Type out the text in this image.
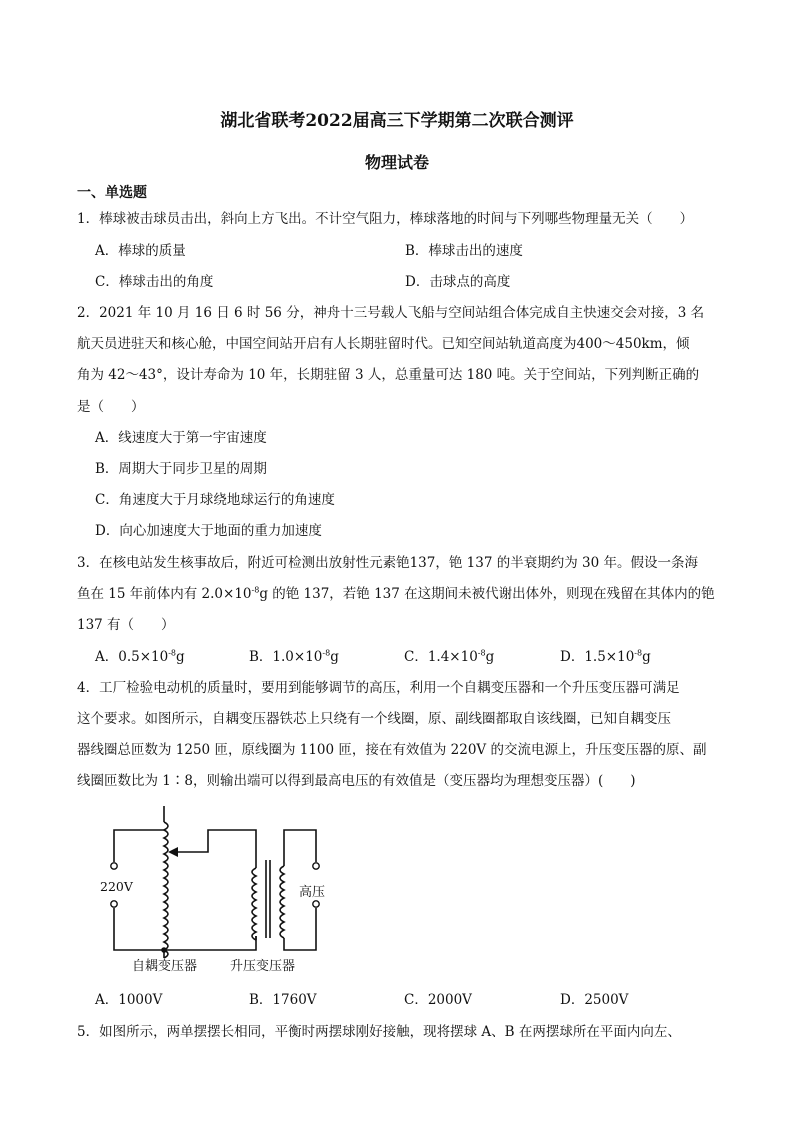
湖北省联考2022届高三下学期第二次联合测评
物理试卷
一、单选题
1．棒球被击球员击出，斜向上方飞出。不计空气阻力，棒球落地的时间与下列哪些物理量无关（　　）
A．棒球的质量	B．棒球击出的速度
C．棒球击出的角度	D．击球点的高度
2．2021 年 10 月 16 日 6 时 56 分，神舟十三号载人飞船与空间站组合体完成自主快速交会对接，3 名
航天员进驻天和核心舱，中国空间站开启有人长期驻留时代。已知空间站轨道高度为400～450km，倾
角为 42～43°，设计寿命为 10 年，长期驻留 3 人，总重量可达 180 吨。关于空间站，下列判断正确的
是（　　）
A．线速度大于第一宇宙速度
B．周期大于同步卫星的周期
C．角速度大于月球绕地球运行的角速度
D．向心加速度大于地面的重力加速度
3．在核电站发生核事故后，附近可检测出放射性元素铯137，铯 137 的半衰期约为 30 年。假设一条海
鱼在 15 年前体内有 $2.0\times 10^{-8}g$ 的铯 137，若铯 137 在这期间未被代谢出体外，则现在残留在其体内的铯
137 有（　　）
A．$0.5\times 10^{-8}g$	B．$1.0\times 10^{-8}g$	C．$1.4\times 10^{-8}g$	D．$1.5\times 10^{-8}g$
4．工厂检验电动机的质量时，要用到能够调节的高压，利用一个自耦变压器和一个升压变压器可满足
这个要求。如图所示，自耦变压器铁芯上只绕有一个线圈，原、副线圈都取自该线圈，已知自耦变压
器线圈总匝数为 1250 匝，原线圈为 1100 匝，接在有效值为 220V 的交流电源上，升压变压器的原、副
线圈匝数比为 1∶8，则输出端可以得到最高电压的有效值是（变压器均为理想变压器）(　　)
220V	高压
自耦变压器	升压变压器
A．1000V	B．1760V	C．2000V	D．2500V
5．如图所示，两单摆摆长相同，平衡时两摆球刚好接触，现将摆球 A、B 在两摆球所在平面内向左、
